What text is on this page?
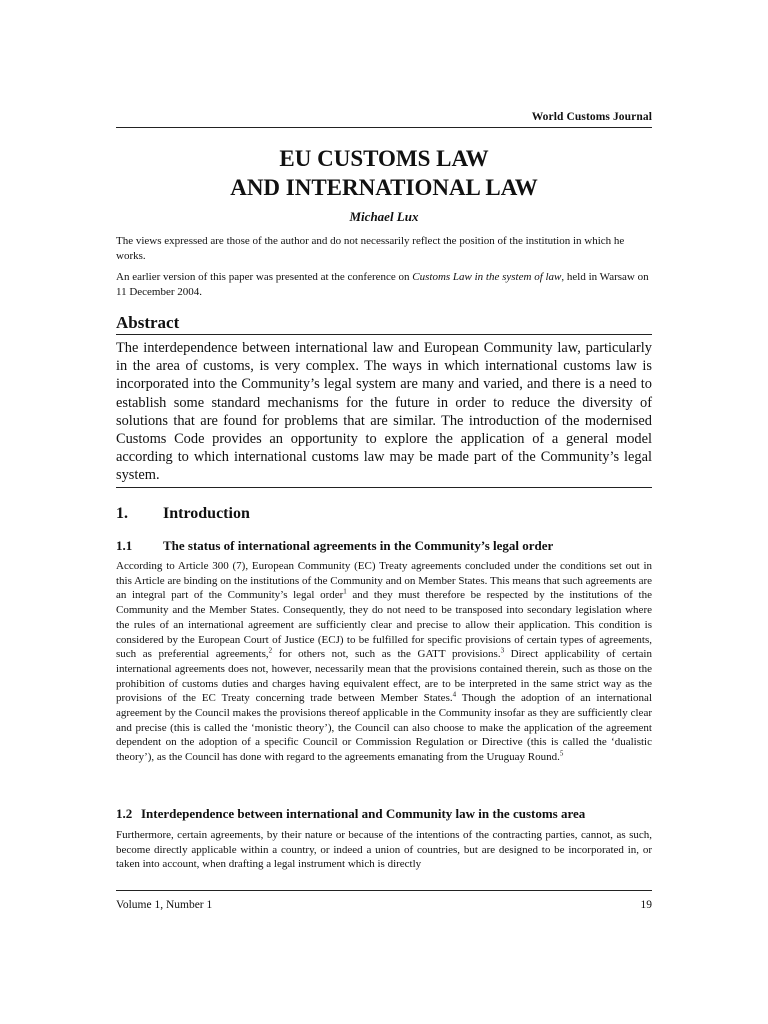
World Customs Journal
EU CUSTOMS LAW
AND INTERNATIONAL LAW
Michael Lux

The views expressed are those of the author and do not necessarily reflect the position of the institution in which he works.

An earlier version of this paper was presented at the conference on Customs Law in the system of law, held in Warsaw on 11 December 2004.

Abstract

The interdependence between international law and European Community law, particularly in the area of customs, is very complex. The ways in which international customs law is incorporated into the Community’s legal system are many and varied, and there is a need to establish some standard mechanisms for the future in order to reduce the diversity of solutions that are found for problems that are similar. The introduction of the modernised Customs Code provides an opportunity to explore the application of a general model according to which international customs law may be made part of the Community’s legal system.

1. Introduction
1.1 The status of international agreements in the Community’s legal order

According to Article 300 (7), European Community (EC) Treaty agreements concluded under the conditions set out in this Article are binding on the institutions of the Community and on Member States. This means that such agreements are an integral part of the Community’s legal order$^1$ and they must therefore be respected by the institutions of the Community and the Member States. Consequently, they do not need to be transposed into secondary legislation where the rules of an international agreement are sufficiently clear and precise to allow their application. This condition is considered by the European Court of Justice (ECJ) to be fulfilled for specific provisions of certain types of agreements, such as preferential agreements,$^2$ for others not, such as the GATT provisions.$^3$ Direct applicability of certain international agreements does not, however, necessarily mean that the provisions contained therein, such as those on the prohibition of customs duties and charges having equivalent effect, are to be interpreted in the same strict way as the provisions of the EC Treaty concerning trade between Member States.$^4$ Though the adoption of an international agreement by the Council makes the provisions thereof applicable in the Community insofar as they are sufficiently clear and precise (this is called the ‘monistic theory’), the Council can also choose to make the application of the agreement dependent on the adoption of a specific Council or Commission Regulation or Directive (this is called the ‘dualistic theory’), as the Council has done with regard to the agreements emanating from the Uruguay Round.$^5$

1.2 Interdependence between international and Community law in the customs area

Furthermore, certain agreements, by their nature or because of the intentions of the contracting parties, cannot, as such, become directly applicable within a country, or indeed a union of countries, but are designed to be incorporated in, or taken into account, when drafting a legal instrument which is directly

Volume 1, Number 1	19
